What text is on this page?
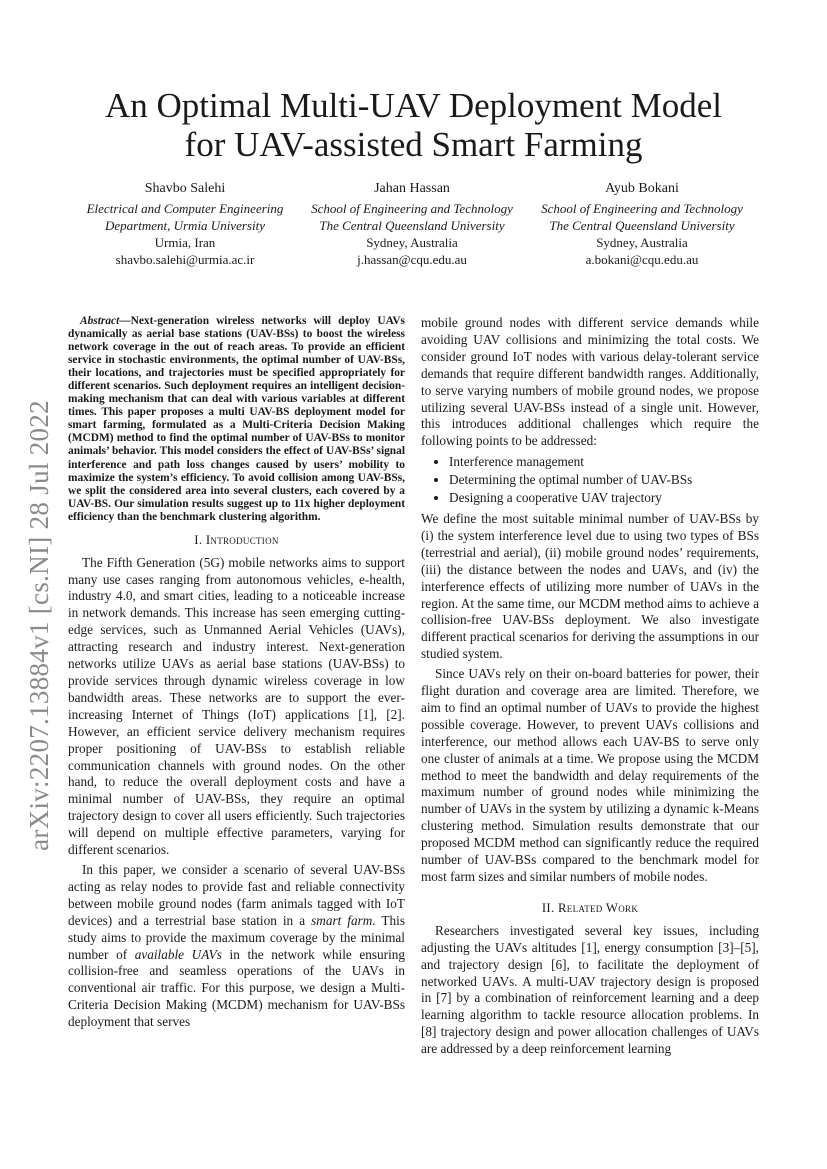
arXiv:2207.13884v1 [cs.NI] 28 Jul 2022
An Optimal Multi-UAV Deployment Model
for UAV-assisted Smart Farming
Shavbo Salehi
Electrical and Computer Engineering
Department, Urmia University
Urmia, Iran
shavbo.salehi@urmia.ac.ir
Jahan Hassan
School of Engineering and Technology
The Central Queensland University
Sydney, Australia
j.hassan@cqu.edu.au
Ayub Bokani
School of Engineering and Technology
The Central Queensland University
Sydney, Australia
a.bokani@cqu.edu.au
Abstract—Next-generation wireless networks will deploy UAVs dynamically as aerial base stations (UAV-BSs) to boost the wireless network coverage in the out of reach areas. To provide an efficient service in stochastic environments, the optimal number of UAV-BSs, their locations, and trajectories must be specified appropriately for different scenarios. Such deployment requires an intelligent decision-making mechanism that can deal with various variables at different times. This paper proposes a multi UAV-BS deployment model for smart farming, formulated as a Multi-Criteria Decision Making (MCDM) method to find the optimal number of UAV-BSs to monitor animals’ behavior. This model considers the effect of UAV-BSs’ signal interference and path loss changes caused by users’ mobility to maximize the system’s efficiency. To avoid collision among UAV-BSs, we split the considered area into several clusters, each covered by a UAV-BS. Our simulation results suggest up to 11x higher deployment efficiency than the benchmark clustering algorithm.
I. Introduction

The Fifth Generation (5G) mobile networks aims to support many use cases ranging from autonomous vehicles, e-health, industry 4.0, and smart cities, leading to a noticeable increase in network demands. This increase has seen emerging cutting-edge services, such as Unmanned Aerial Vehicles (UAVs), attracting research and industry interest. Next-generation networks utilize UAVs as aerial base stations (UAV-BSs) to provide services through dynamic wireless coverage in low bandwidth areas. These networks are to support the ever-increasing Internet of Things (IoT) applications [1], [2]. However, an efficient service delivery mechanism requires proper positioning of UAV-BSs to establish reliable communication channels with ground nodes. On the other hand, to reduce the overall deployment costs and have a minimal number of UAV-BSs, they require an optimal trajectory design to cover all users efficiently. Such trajectories will depend on multiple effective parameters, varying for different scenarios.

In this paper, we consider a scenario of several UAV-BSs acting as relay nodes to provide fast and reliable connectivity between mobile ground nodes (farm animals tagged with IoT devices) and a terrestrial base station in a smart farm. This study aims to provide the maximum coverage by the minimal number of available UAVs in the network while ensuring collision-free and seamless operations of the UAVs in conventional air traffic. For this purpose, we design a Multi-Criteria Decision Making (MCDM) mechanism for UAV-BSs deployment that serves

mobile ground nodes with different service demands while avoiding UAV collisions and minimizing the total costs. We consider ground IoT nodes with various delay-tolerant service demands that require different bandwidth ranges. Additionally, to serve varying numbers of mobile ground nodes, we propose utilizing several UAV-BSs instead of a single unit. However, this introduces additional challenges which require the following points to be addressed:

• Interference management
• Determining the optimal number of UAV-BSs
• Designing a cooperative UAV trajectory

We define the most suitable minimal number of UAV-BSs by (i) the system interference level due to using two types of BSs (terrestrial and aerial), (ii) mobile ground nodes’ requirements, (iii) the distance between the nodes and UAVs, and (iv) the interference effects of utilizing more number of UAVs in the region. At the same time, our MCDM method aims to achieve a collision-free UAV-BSs deployment. We also investigate different practical scenarios for deriving the assumptions in our studied system.

Since UAVs rely on their on-board batteries for power, their flight duration and coverage area are limited. Therefore, we aim to find an optimal number of UAVs to provide the highest possible coverage. However, to prevent UAVs collisions and interference, our method allows each UAV-BS to serve only one cluster of animals at a time. We propose using the MCDM method to meet the bandwidth and delay requirements of the maximum number of ground nodes while minimizing the number of UAVs in the system by utilizing a dynamic k-Means clustering method. Simulation results demonstrate that our proposed MCDM method can significantly reduce the required number of UAV-BSs compared to the benchmark model for most farm sizes and similar numbers of mobile nodes.

II. Related Work

Researchers investigated several key issues, including adjusting the UAVs altitudes [1], energy consumption [3]–[5], and trajectory design [6], to facilitate the deployment of networked UAVs. A multi-UAV trajectory design is proposed in [7] by a combination of reinforcement learning and a deep learning algorithm to tackle resource allocation problems. In [8] trajectory design and power allocation challenges of UAVs are addressed by a deep reinforcement learning
